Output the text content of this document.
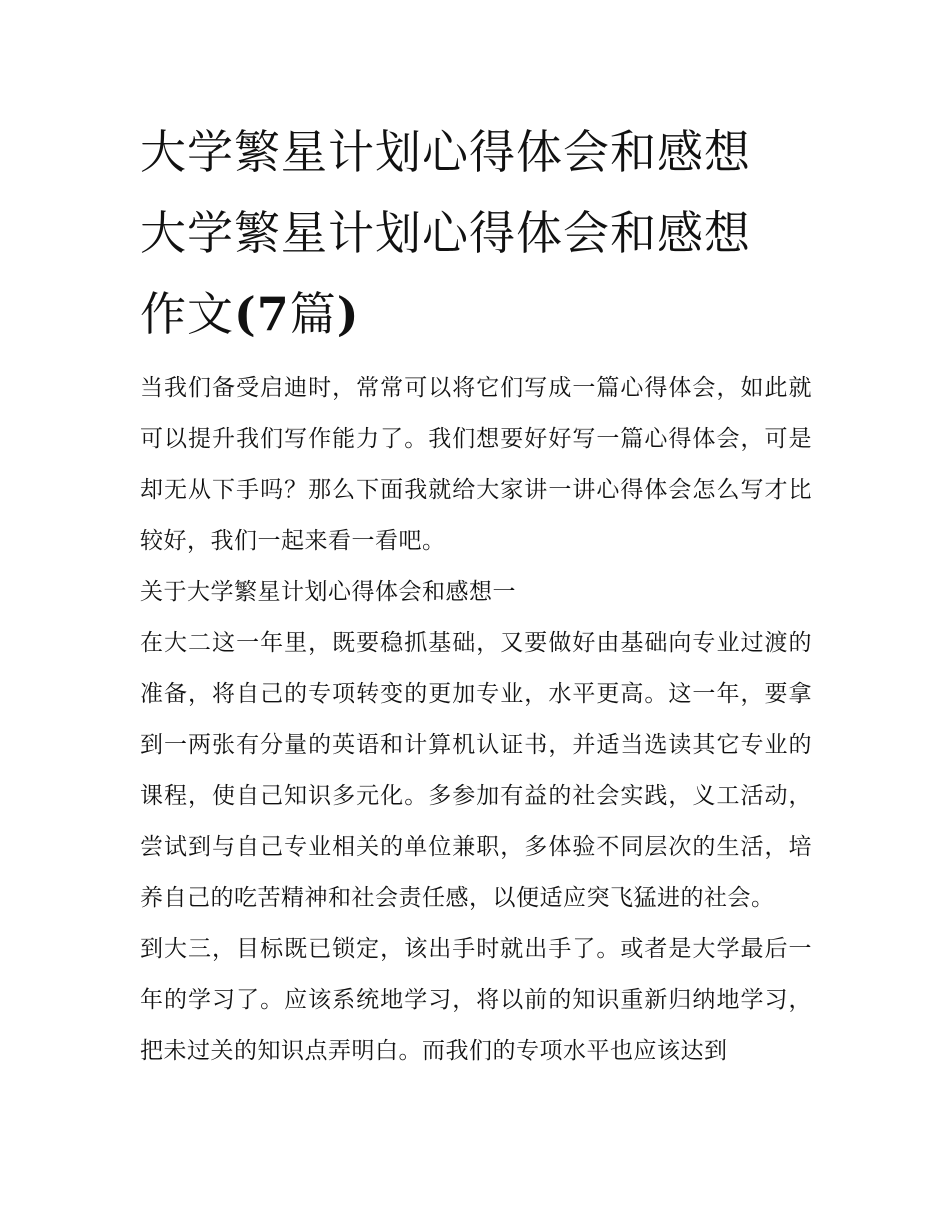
大学繁星计划心得体会和感想
大学繁星计划心得体会和感想
作文(7篇)

当我们备受启迪时，常常可以将它们写成一篇心得体会，如此就可以提升我们写作能力了。我们想要好好写一篇心得体会，可是却无从下手吗？那么下面我就给大家讲一讲心得体会怎么写才比较好，我们一起来看一看吧。

关于大学繁星计划心得体会和感想一

在大二这一年里，既要稳抓基础，又要做好由基础向专业过渡的准备，将自己的专项转变的更加专业，水平更高。这一年，要拿到一两张有分量的英语和计算机认证书，并适当选读其它专业的课程，使自己知识多元化。多参加有益的社会实践，义工活动，尝试到与自己专业相关的单位兼职，多体验不同层次的生活，培养自己的吃苦精神和社会责任感，以便适应突飞猛进的社会。

到大三，目标既已锁定，该出手时就出手了。或者是大学最后一年的学习了。应该系统地学习，将以前的知识重新归纳地学习，把未过关的知识点弄明白。而我们的专项水平也应该达到
